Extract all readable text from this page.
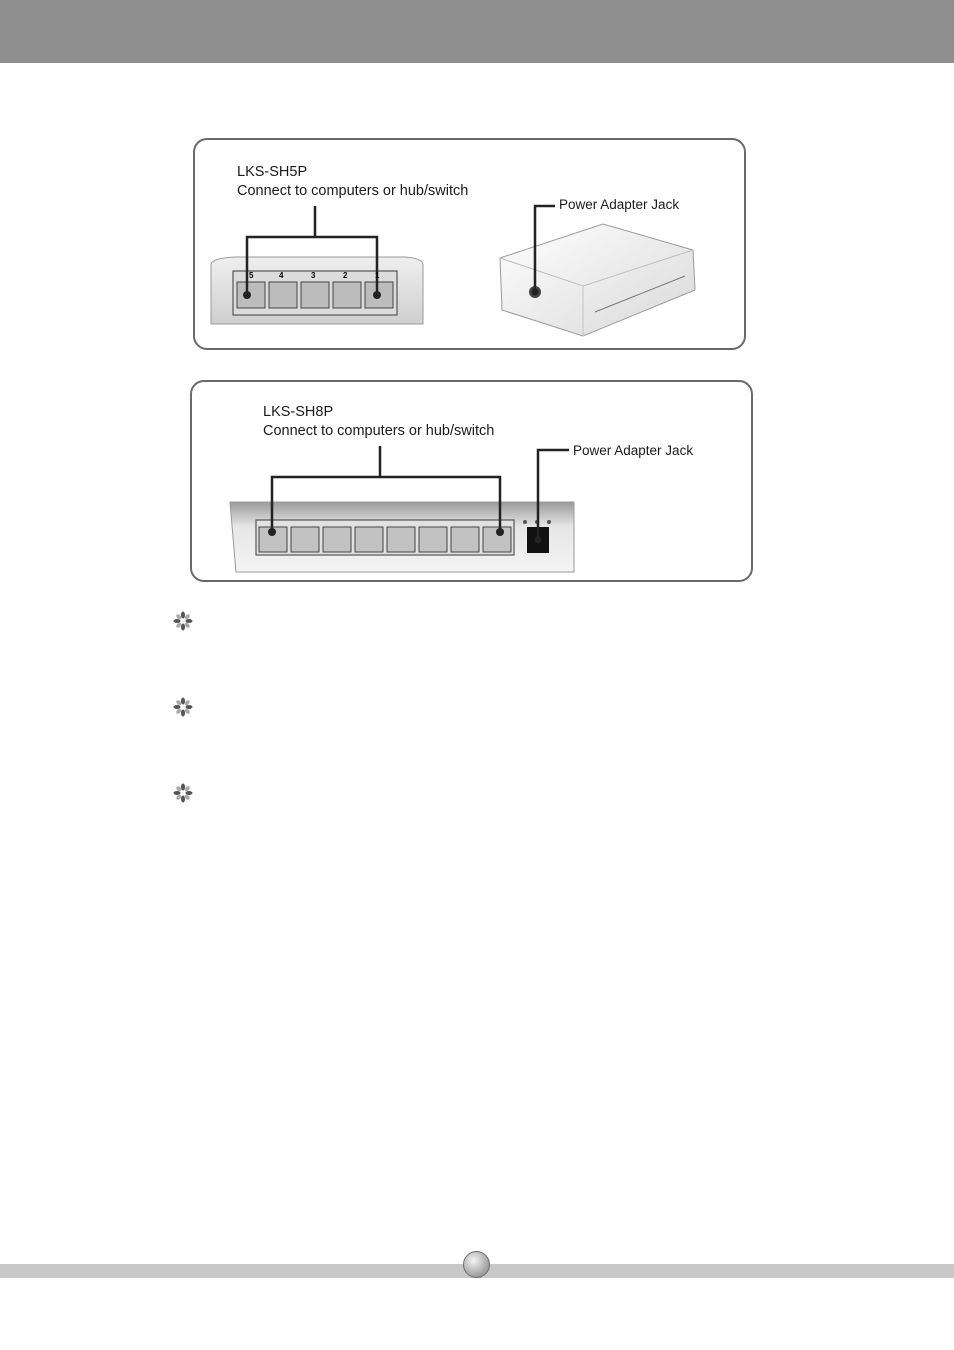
LKS-SH5P
Connect to computers or hub/switch
Power Adapter Jack
5	4	3	2	1
LKS-SH8P
Connect to computers or hub/switch
Power Adapter Jack
